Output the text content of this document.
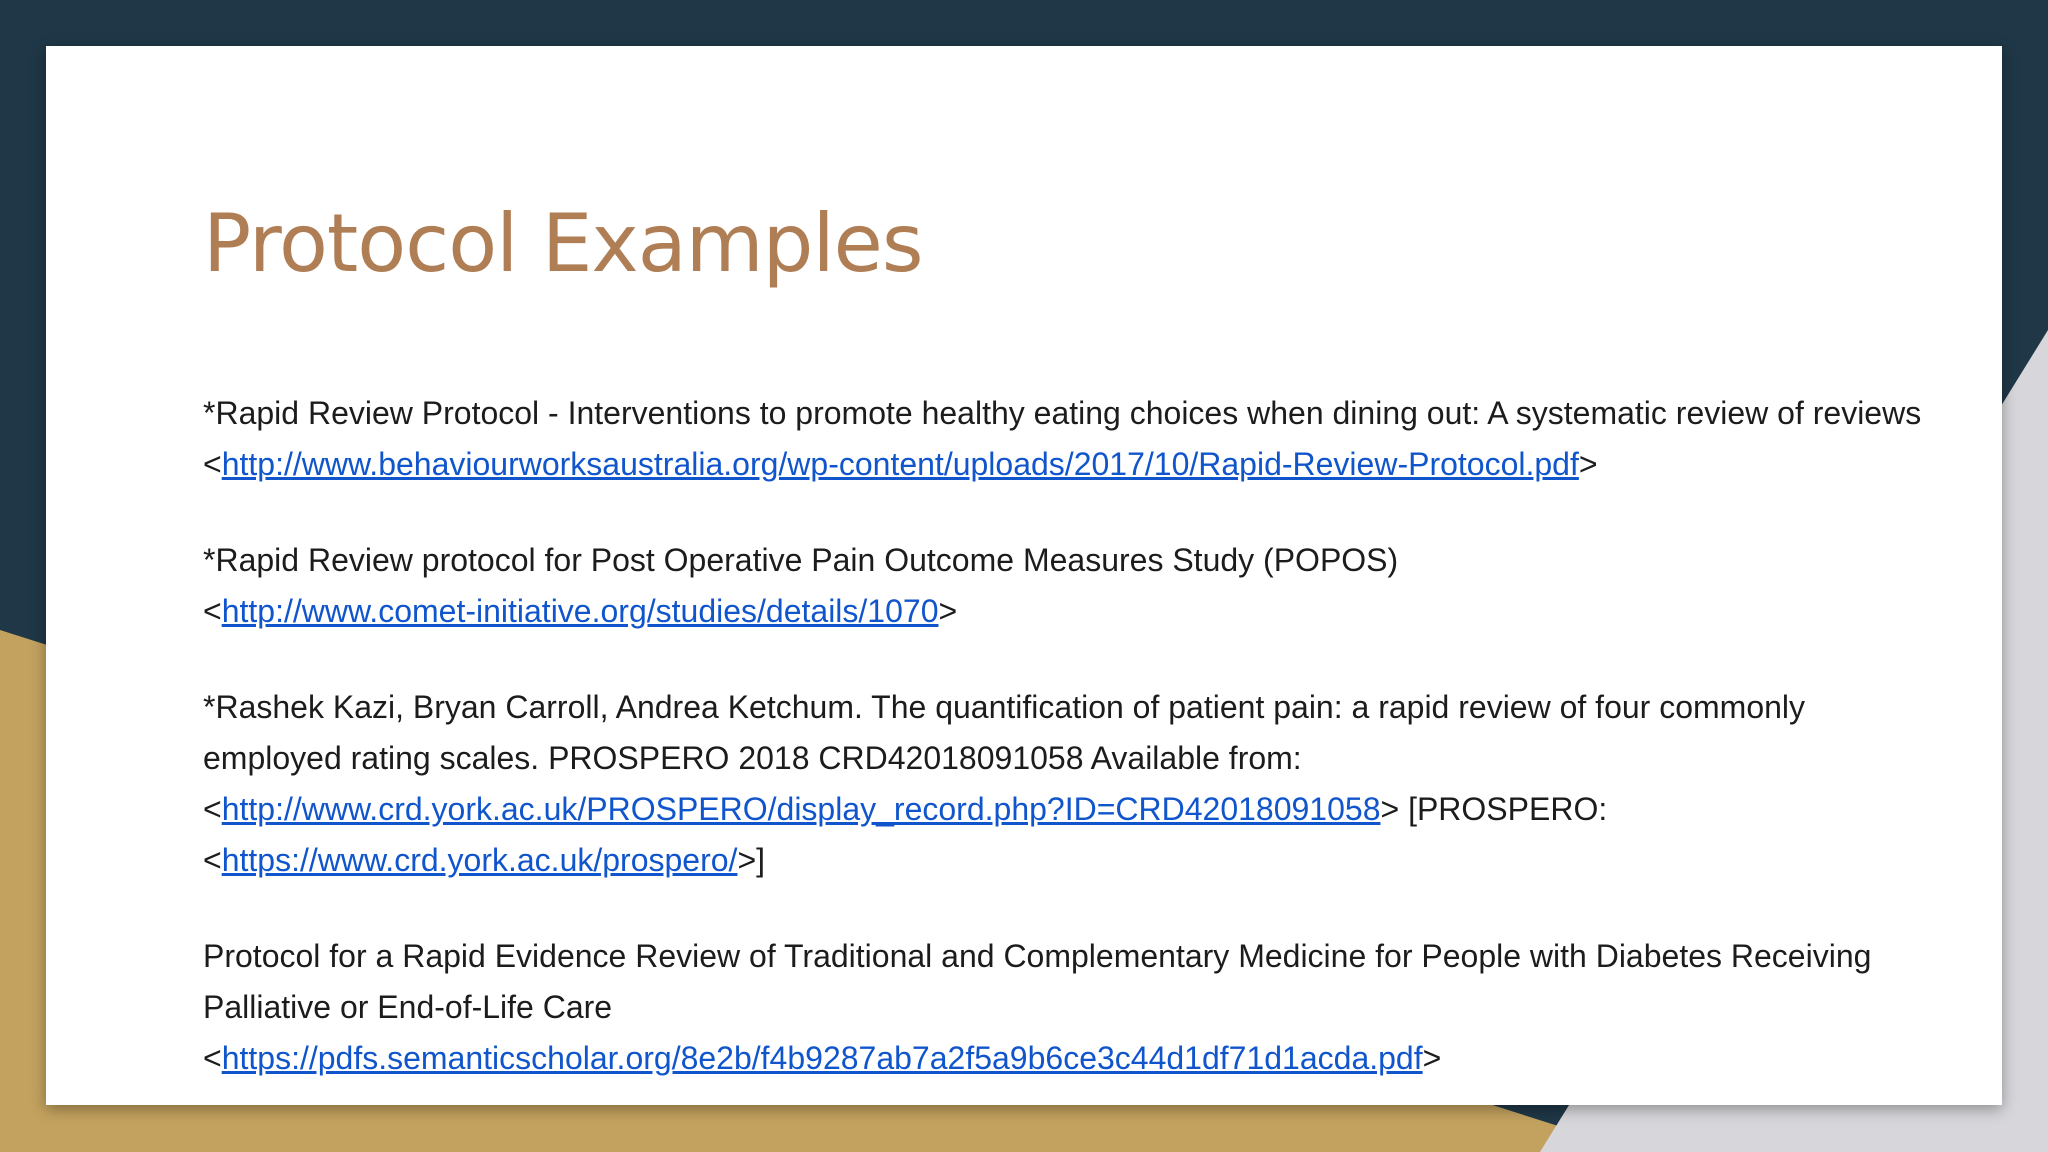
Protocol Examples

*Rapid Review Protocol - Interventions to promote healthy eating choices when dining out: A systematic review of reviews
<http://www.behaviourworksaustralia.org/wp-content/uploads/2017/10/Rapid-Review-Protocol.pdf>

*Rapid Review protocol for Post Operative Pain Outcome Measures Study (POPOS)
<http://www.comet-initiative.org/studies/details/1070>

*Rashek Kazi, Bryan Carroll, Andrea Ketchum. The quantification of patient pain: a rapid review of four commonly employed rating scales. PROSPERO 2018 CRD42018091058 Available from:
<http://www.crd.york.ac.uk/PROSPERO/display_record.php?ID=CRD42018091058> [PROSPERO:
<https://www.crd.york.ac.uk/prospero/>]

Protocol for a Rapid Evidence Review of Traditional and Complementary Medicine for People with Diabetes Receiving Palliative or End-of-Life Care
<https://pdfs.semanticscholar.org/8e2b/f4b9287ab7a2f5a9b6ce3c44d1df71d1acda.pdf>
